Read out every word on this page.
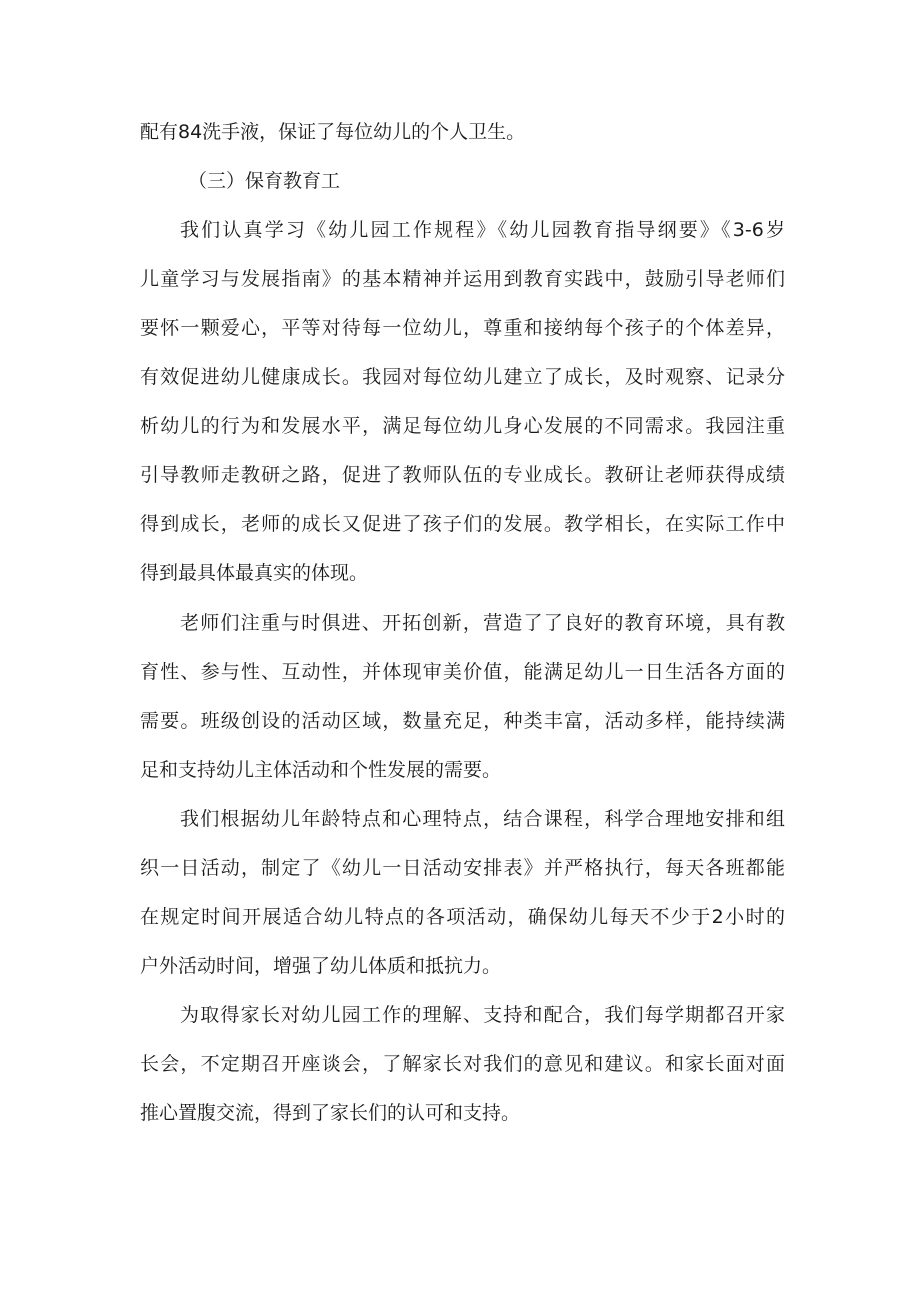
配有84洗手液，保证了每位幼儿的个人卫生。
（三）保育教育工
我们认真学习《幼儿园工作规程》《幼儿园教育指导纲要》《3-6岁
儿童学习与发展指南》的基本精神并运用到教育实践中，鼓励引导老师们
要怀一颗爱心，平等对待每一位幼儿，尊重和接纳每个孩子的个体差异，
有效促进幼儿健康成长。我园对每位幼儿建立了成长，及时观察、记录分
析幼儿的行为和发展水平，满足每位幼儿身心发展的不同需求。我园注重
引导教师走教研之路，促进了教师队伍的专业成长。教研让老师获得成绩
得到成长，老师的成长又促进了孩子们的发展。教学相长，在实际工作中
得到最具体最真实的体现。
老师们注重与时俱进、开拓创新，营造了了良好的教育环境，具有教
育性、参与性、互动性，并体现审美价值，能满足幼儿一日生活各方面的
需要。班级创设的活动区域，数量充足，种类丰富，活动多样，能持续满
足和支持幼儿主体活动和个性发展的需要。
我们根据幼儿年龄特点和心理特点，结合课程，科学合理地安排和组
织一日活动，制定了《幼儿一日活动安排表》并严格执行，每天各班都能
在规定时间开展适合幼儿特点的各项活动，确保幼儿每天不少于2小时的
户外活动时间，增强了幼儿体质和抵抗力。
为取得家长对幼儿园工作的理解、支持和配合，我们每学期都召开家
长会，不定期召开座谈会，了解家长对我们的意见和建议。和家长面对面
推心置腹交流，得到了家长们的认可和支持。
